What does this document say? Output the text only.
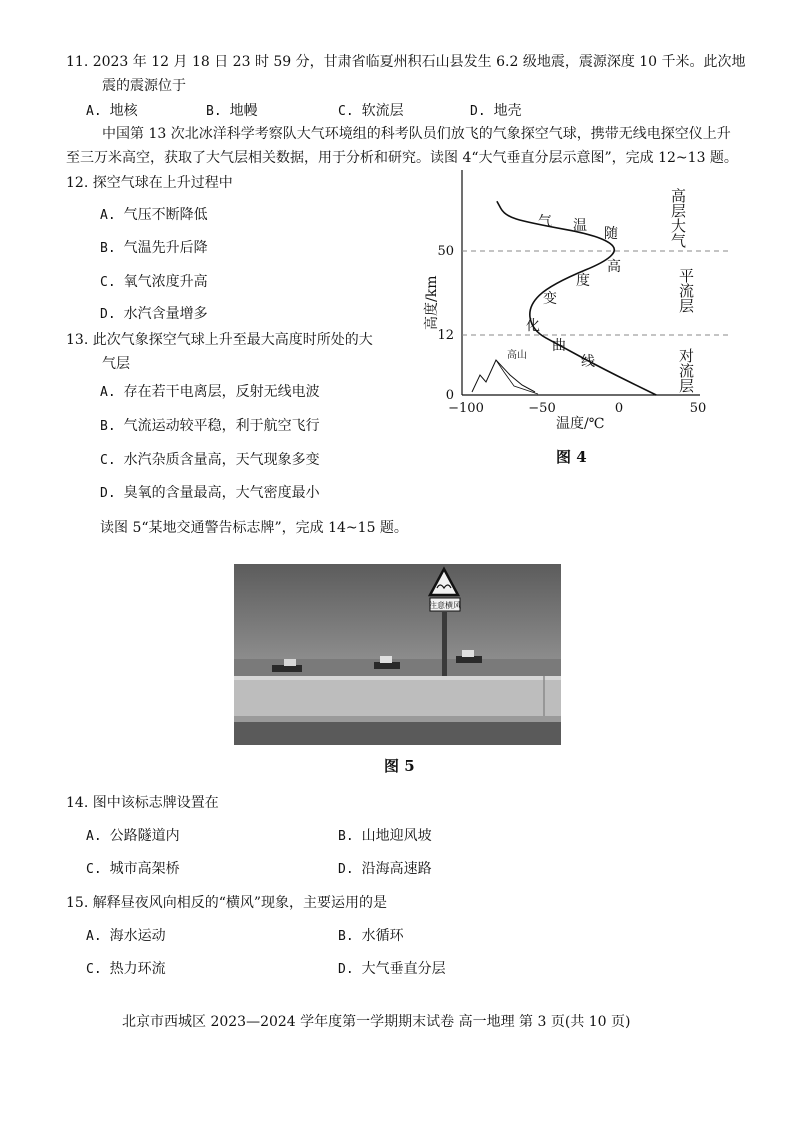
11. 2023 年 12 月 18 日 23 时 59 分，甘肃省临夏州积石山县发生 6.2 级地震，震源深度 10 千米。此次地
震的震源位于
A. 地核	B. 地幔	C. 软流层	D. 地壳
中国第 13 次北冰洋科学考察队大气环境组的科考队员们放飞的气象探空气球，携带无线电探空仪上升
至三万米高空，获取了大气层相关数据，用于分析和研究。读图 4“大气垂直分层示意图”，完成 12~13 题。
12. 探空气球在上升过程中
A. 气压不断降低
B. 气温先升后降
C. 氧气浓度升高
D. 水汽含量增多
13. 此次气象探空气球上升至最大高度时所处的大
气层
A. 存在若干电离层，反射无线电波
B. 气流运动较平稳，利于航空飞行
C. 水汽杂质含量高，天气现象多变
D. 臭氧的含量最高，大气密度最小
高山
0
12
50
−100	−50	0	50
高度/km
温度/℃
气 温 随
高
度
变
化
曲
线
高层大气
平流层
对流层
图 4
读图 5“某地交通警告标志牌”，完成 14~15 题。
注意横风
图 5
14. 图中该标志牌设置在
A. 公路隧道内	B. 山地迎风坡
C. 城市高架桥	D. 沿海高速路
15. 解释昼夜风向相反的“横风”现象，主要运用的是
A. 海水运动	B. 水循环
C. 热力环流	D. 大气垂直分层
北京市西城区 2023—2024 学年度第一学期期末试卷 高一地理 第 3 页(共 10 页)
